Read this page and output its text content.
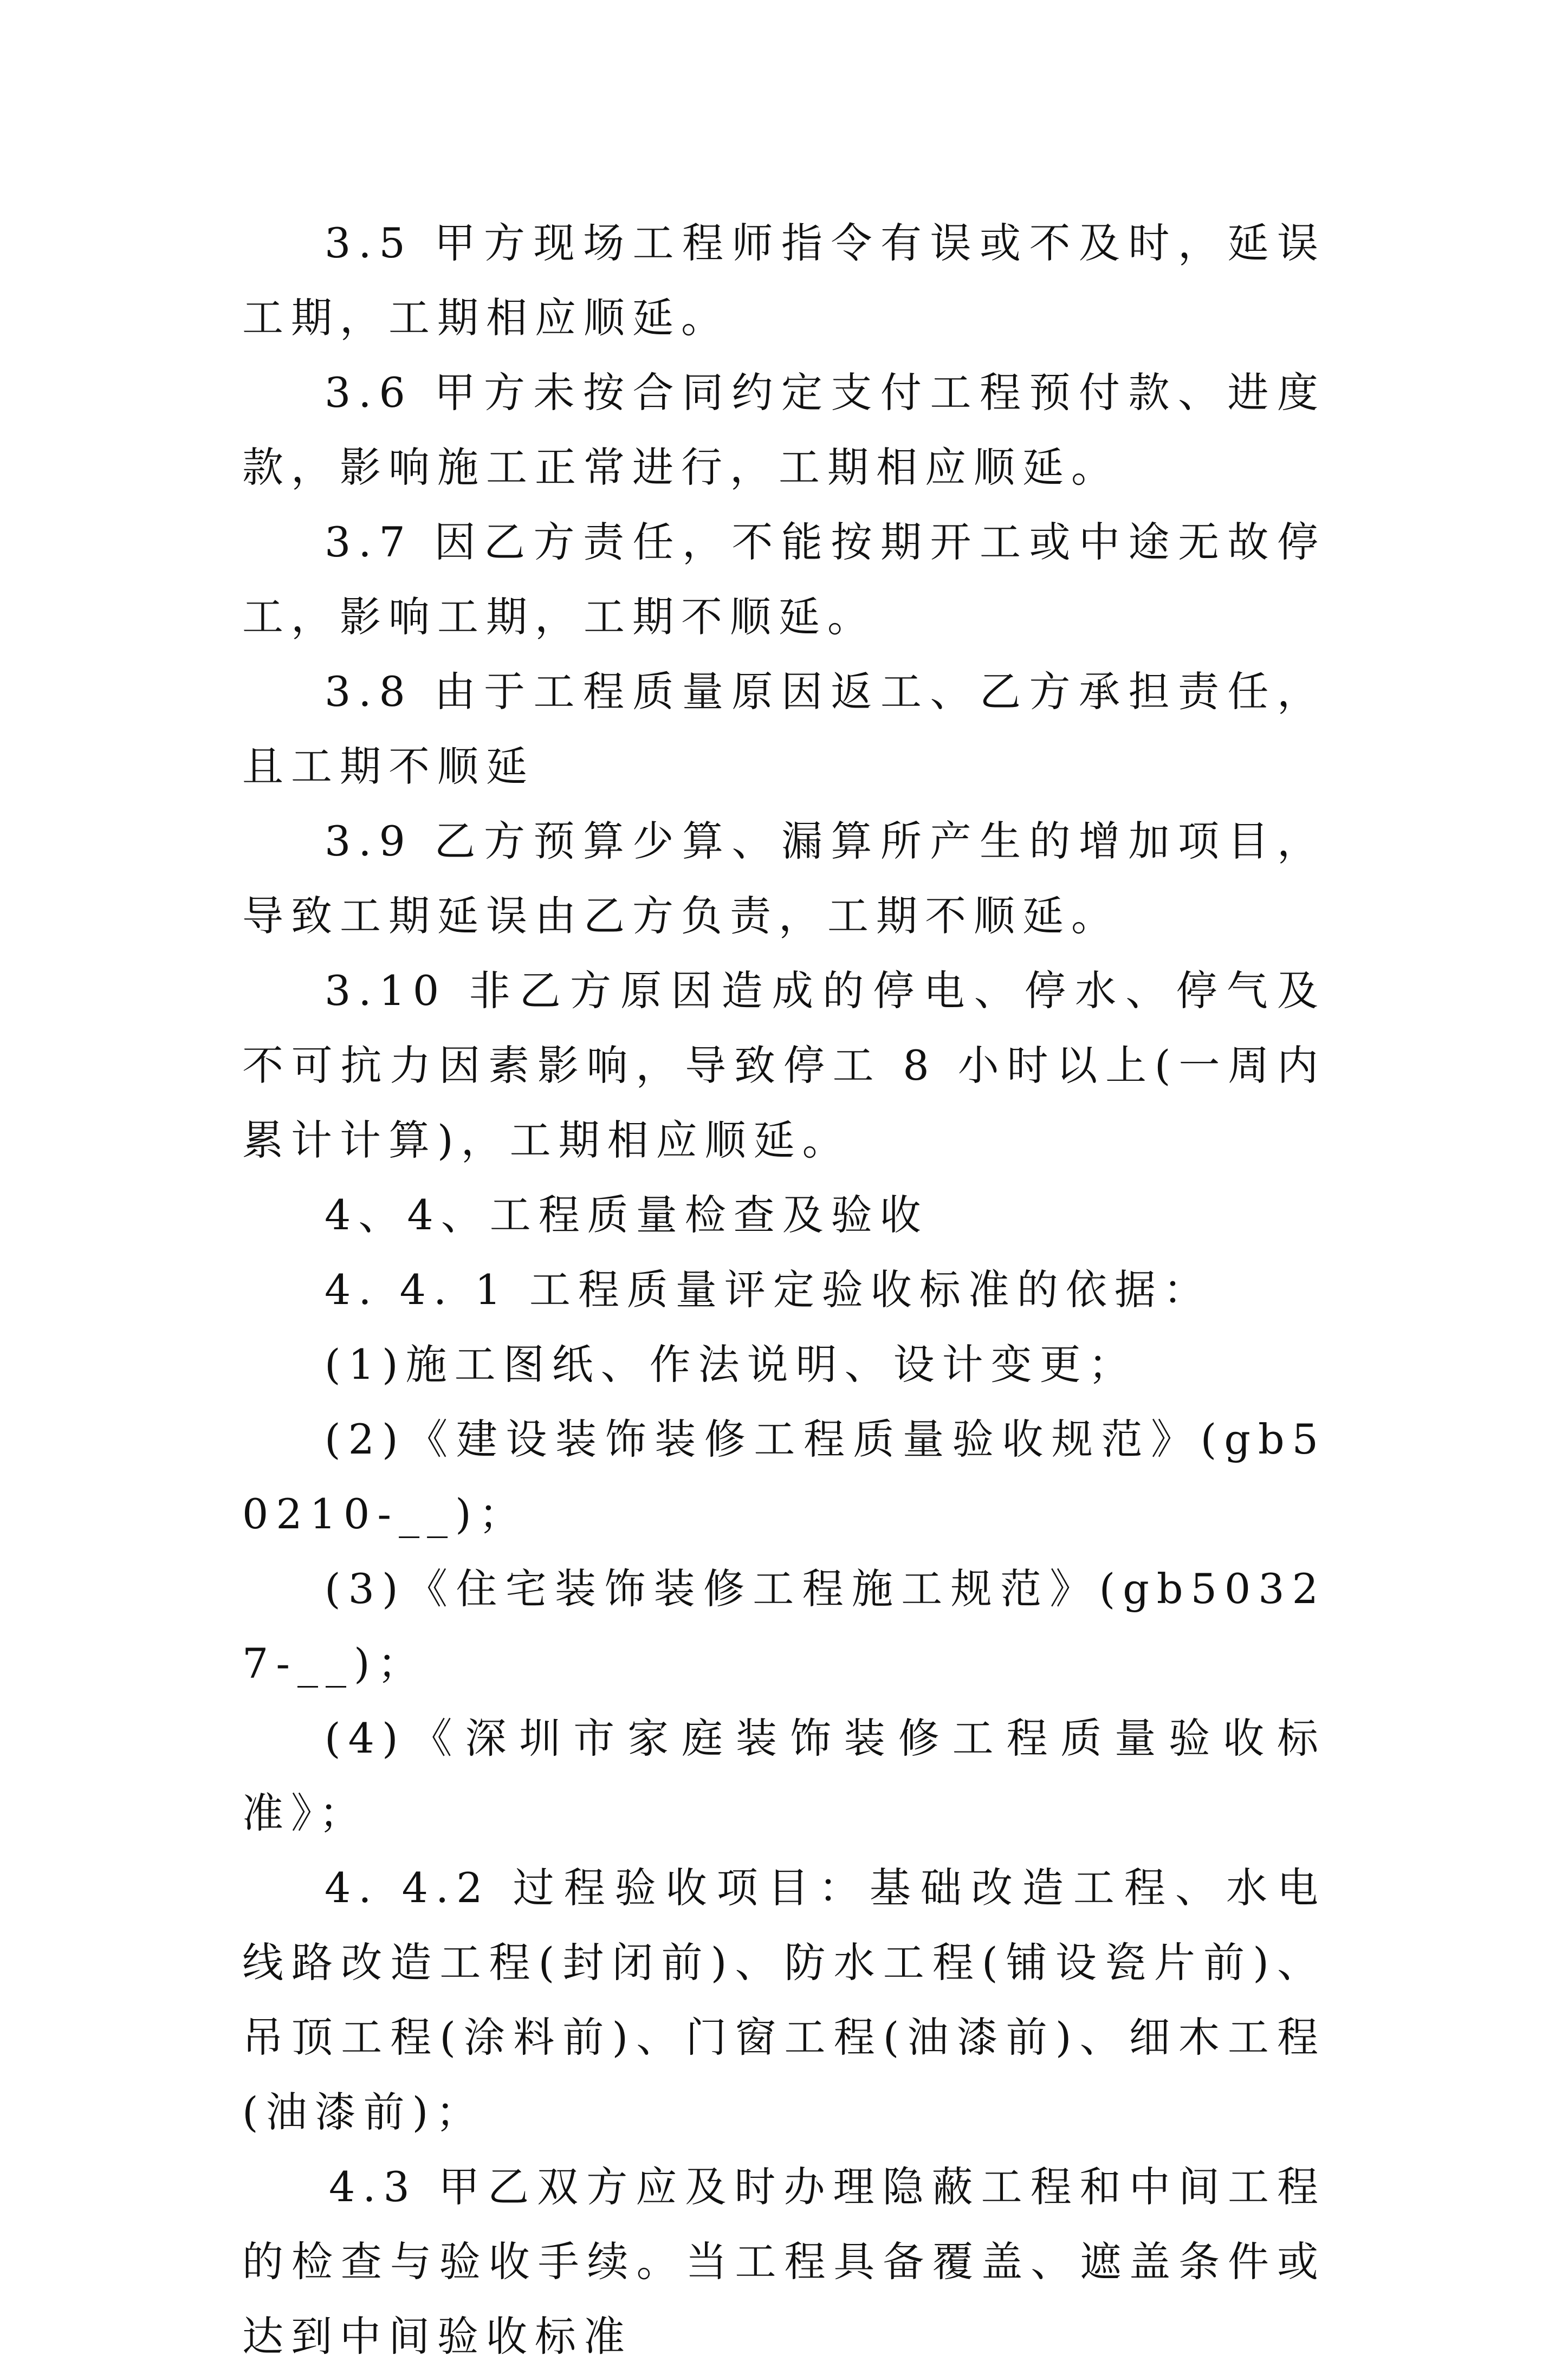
3.5 甲方现场工程师指令有误或不及时，延误工期，工期相应顺延。

3.6 甲方未按合同约定支付工程预付款、进度款，影响施工正常进行，工期相应顺延。

3.7 因乙方责任，不能按期开工或中途无故停工，影响工期，工期不顺延。

3.8 由于工程质量原因返工、乙方承担责任，且工期不顺延

3.9 乙方预算少算、漏算所产生的增加项目，导致工期延误由乙方负责，工期不顺延。

3.10 非乙方原因造成的停电、停水、停气及不可抗力因素影响，导致停工 8 小时以上(一周内累计计算)，工期相应顺延。

4、4、工程质量检查及验收

4. 4. 1 工程质量评定验收标准的依据：

(1)施工图纸、作法说明、设计变更；

(2)《建设装饰装修工程质量验收规范》(gb50210-__)；

(3)《住宅装饰装修工程施工规范》(gb50327-__)；

(4)《深圳市家庭装饰装修工程质量验收标准》；

4. 4.2 过程验收项目：基础改造工程、水电线路改造工程(封闭前)、防水工程(铺设瓷片前)、吊顶工程(涂料前)、门窗工程(油漆前)、细木工程(油漆前)；

4.3 甲乙双方应及时办理隐蔽工程和中间工程的检查与验收手续。当工程具备覆盖、遮盖条件或达到中间验收标准
